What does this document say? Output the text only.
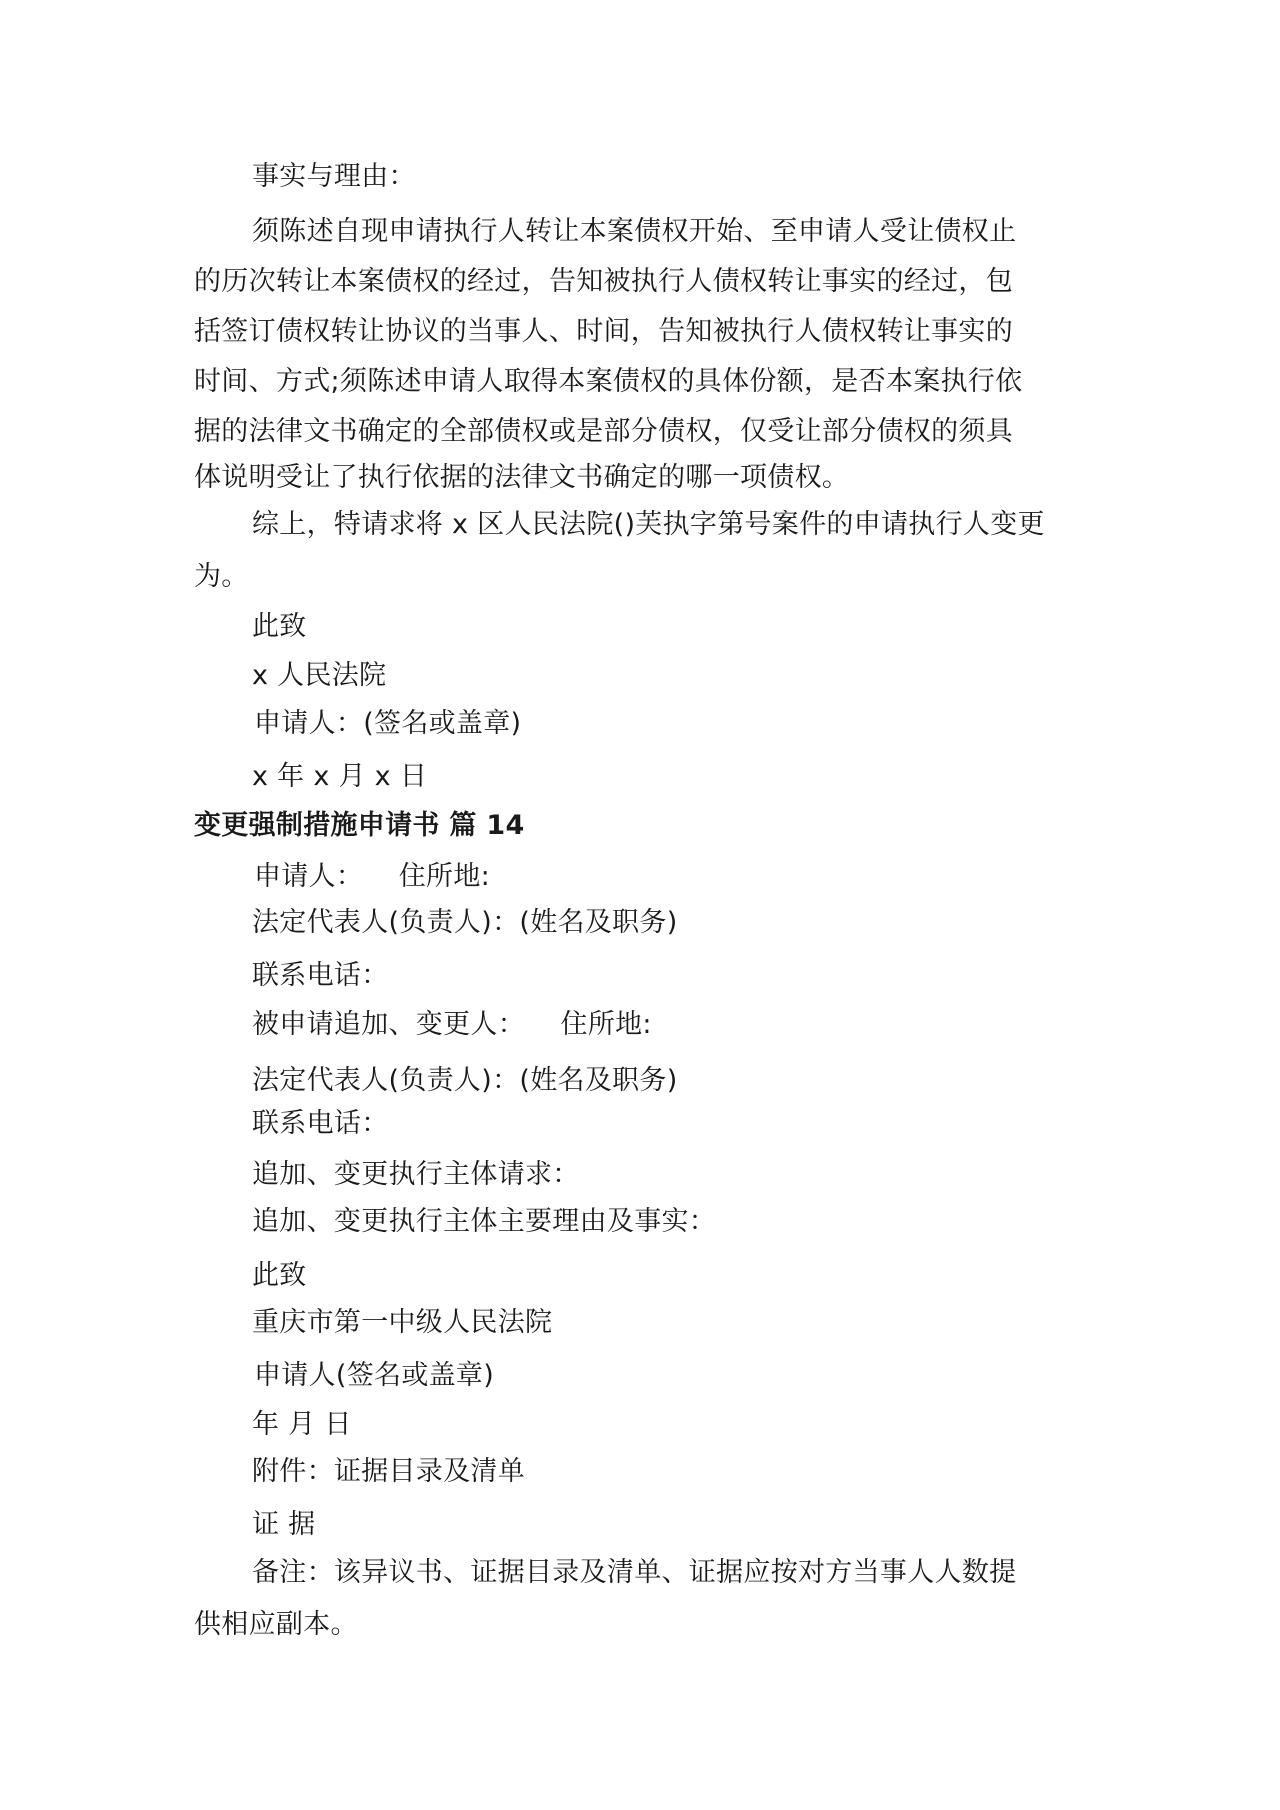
事实与理由：
须陈述自现申请执行人转让本案债权开始、至申请人受让债权止
的历次转让本案债权的经过，告知被执行人债权转让事实的经过，包
括签订债权转让协议的当事人、时间，告知被执行人债权转让事实的
时间、方式;须陈述申请人取得本案债权的具体份额，是否本案执行依
据的法律文书确定的全部债权或是部分债权，仅受让部分债权的须具
体说明受让了执行依据的法律文书确定的哪一项债权。
综上，特请求将 x 区人民法院()芙执字第号案件的申请执行人变更
为。
此致
x 人民法院
申请人：(签名或盖章)
x 年 x 月 x 日
变更强制措施申请书 篇 14
申请人：    住所地:
法定代表人(负责人)：(姓名及职务)
联系电话：
被申请追加、变更人：    住所地:
法定代表人(负责人)：(姓名及职务)
联系电话：
追加、变更执行主体请求：
追加、变更执行主体主要理由及事实：
此致
重庆市第一中级人民法院
申请人(签名或盖章)
年 月 日
附件：证据目录及清单
证 据
备注：该异议书、证据目录及清单、证据应按对方当事人人数提
供相应副本。
